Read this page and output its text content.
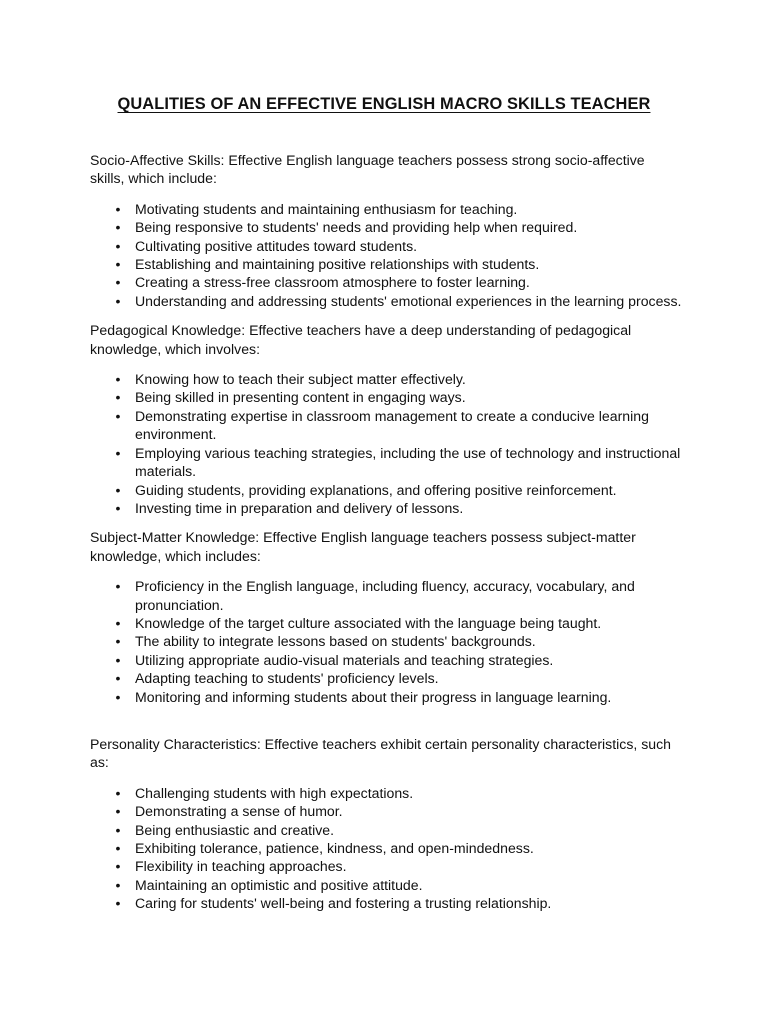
QUALITIES OF AN EFFECTIVE ENGLISH MACRO SKILLS TEACHER

Socio-Affective Skills: Effective English language teachers possess strong socio-affective skills, which include:

• Motivating students and maintaining enthusiasm for teaching.
• Being responsive to students' needs and providing help when required.
• Cultivating positive attitudes toward students.
• Establishing and maintaining positive relationships with students.
• Creating a stress-free classroom atmosphere to foster learning.
• Understanding and addressing students' emotional experiences in the learning process.

Pedagogical Knowledge: Effective teachers have a deep understanding of pedagogical knowledge, which involves:

• Knowing how to teach their subject matter effectively.
• Being skilled in presenting content in engaging ways.
• Demonstrating expertise in classroom management to create a conducive learning environment.
• Employing various teaching strategies, including the use of technology and instructional materials.
• Guiding students, providing explanations, and offering positive reinforcement.
• Investing time in preparation and delivery of lessons.

Subject-Matter Knowledge: Effective English language teachers possess subject-matter knowledge, which includes:

• Proficiency in the English language, including fluency, accuracy, vocabulary, and pronunciation.
• Knowledge of the target culture associated with the language being taught.
• The ability to integrate lessons based on students' backgrounds.
• Utilizing appropriate audio-visual materials and teaching strategies.
• Adapting teaching to students' proficiency levels.
• Monitoring and informing students about their progress in language learning.

Personality Characteristics: Effective teachers exhibit certain personality characteristics, such as:

• Challenging students with high expectations.
• Demonstrating a sense of humor.
• Being enthusiastic and creative.
• Exhibiting tolerance, patience, kindness, and open-mindedness.
• Flexibility in teaching approaches.
• Maintaining an optimistic and positive attitude.
• Caring for students' well-being and fostering a trusting relationship.
